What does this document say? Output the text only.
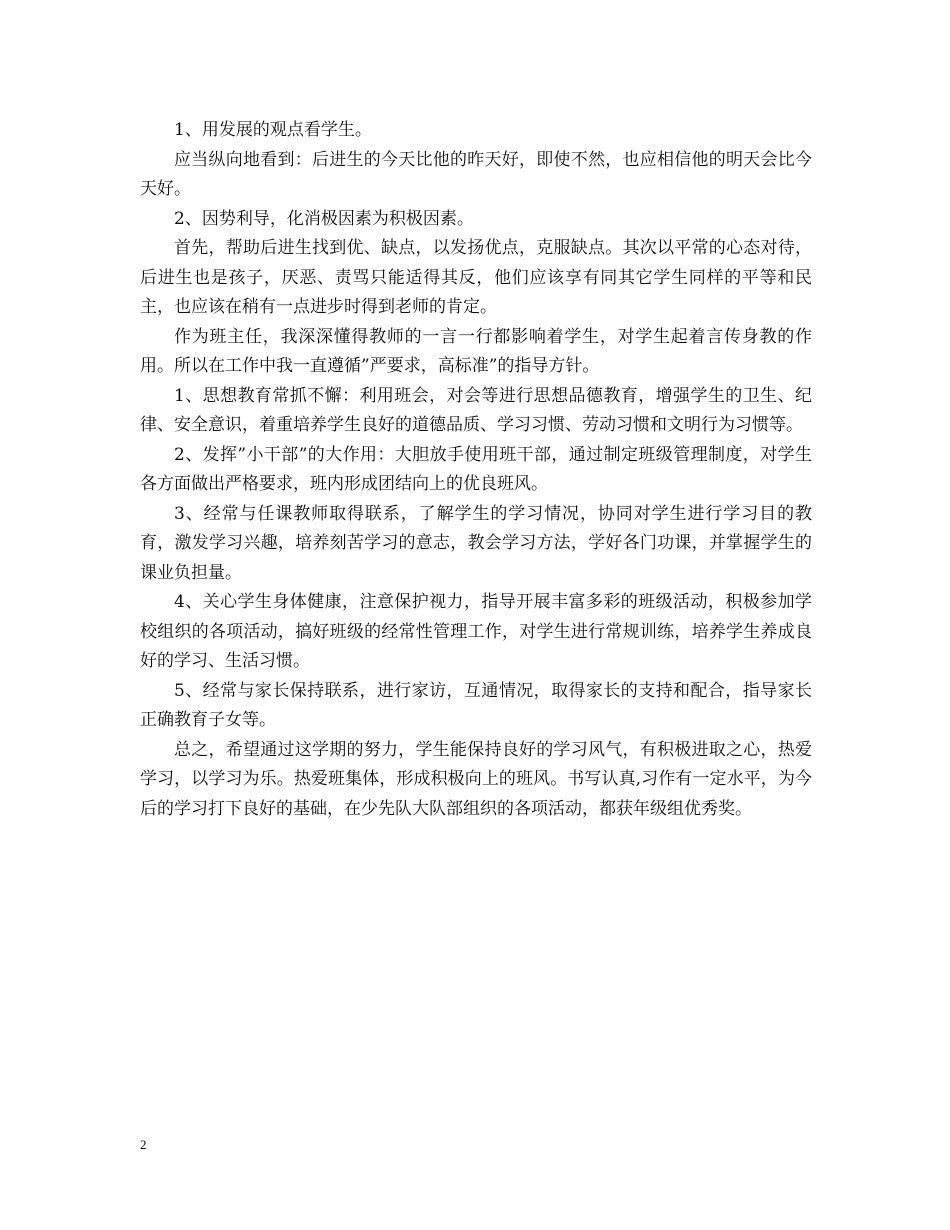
1、用发展的观点看学生。

应当纵向地看到：后进生的今天比他的昨天好，即使不然，也应相信他的明天会比今天好。

2、因势利导，化消极因素为积极因素。

首先，帮助后进生找到优、缺点，以发扬优点，克服缺点。其次以平常的心态对待，后进生也是孩子，厌恶、责骂只能适得其反，他们应该享有同其它学生同样的平等和民主，也应该在稍有一点进步时得到老师的肯定。

作为班主任，我深深懂得教师的一言一行都影响着学生，对学生起着言传身教的作用。所以在工作中我一直遵循”严要求，高标准”的指导方针。

1、思想教育常抓不懈：利用班会，对会等进行思想品德教育，增强学生的卫生、纪律、安全意识，着重培养学生良好的道德品质、学习习惯、劳动习惯和文明行为习惯等。

2、发挥”小干部”的大作用：大胆放手使用班干部，通过制定班级管理制度，对学生各方面做出严格要求，班内形成团结向上的优良班风。

3、经常与任课教师取得联系，了解学生的学习情况，协同对学生进行学习目的教育，激发学习兴趣，培养刻苦学习的意志，教会学习方法，学好各门功课，并掌握学生的课业负担量。

4、关心学生身体健康，注意保护视力，指导开展丰富多彩的班级活动，积极参加学校组织的各项活动，搞好班级的经常性管理工作，对学生进行常规训练，培养学生养成良好的学习、生活习惯。

5、经常与家长保持联系，进行家访，互通情况，取得家长的支持和配合，指导家长正确教育子女等。

总之，希望通过这学期的努力，学生能保持良好的学习风气，有积极进取之心，热爱学习，以学习为乐。热爱班集体，形成积极向上的班风。书写认真,习作有一定水平，为今后的学习打下良好的基础，在少先队大队部组织的各项活动，都获年级组优秀奖。

2
